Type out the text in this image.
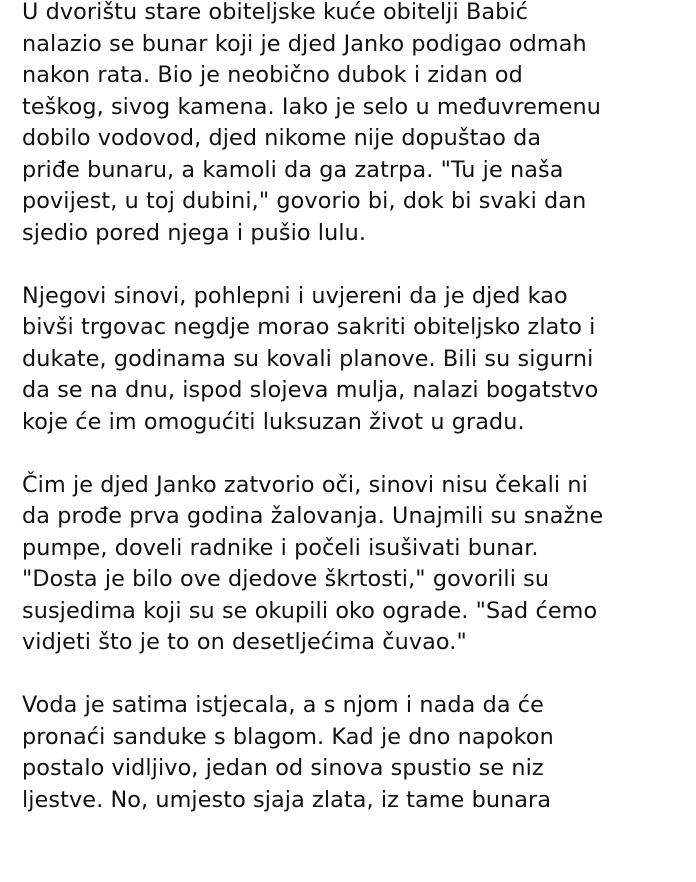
U dvorištu stare obiteljske kuće obitelji Babić
nalazio se bunar koji je djed Janko podigao odmah
nakon rata. Bio je neobično dubok i zidan od
teškog, sivog kamena. Iako je selo u međuvremenu
dobilo vodovod, djed nikome nije dopuštao da
priđe bunaru, a kamoli da ga zatrpa. "Tu je naša
povijest, u toj dubini," govorio bi, dok bi svaki dan
sjedio pored njega i pušio lulu.
Njegovi sinovi, pohlepni i uvjereni da je djed kao
bivši trgovac negdje morao sakriti obiteljsko zlato i
dukate, godinama su kovali planove. Bili su sigurni
da se na dnu, ispod slojeva mulja, nalazi bogatstvo
koje će im omogućiti luksuzan život u gradu.
Čim je djed Janko zatvorio oči, sinovi nisu čekali ni
da prođe prva godina žalovanja. Unajmili su snažne
pumpe, doveli radnike i počeli isušivati bunar.
"Dosta je bilo ove djedove škrtosti," govorili su
susjedima koji su se okupili oko ograde. "Sad ćemo
vidjeti što je to on desetljećima čuvao."
Voda je satima istjecala, a s njom i nada da će
pronaći sanduke s blagom. Kad je dno napokon
postalo vidljivo, jedan od sinova spustio se niz
ljestve. No, umjesto sjaja zlata, iz tame bunara
